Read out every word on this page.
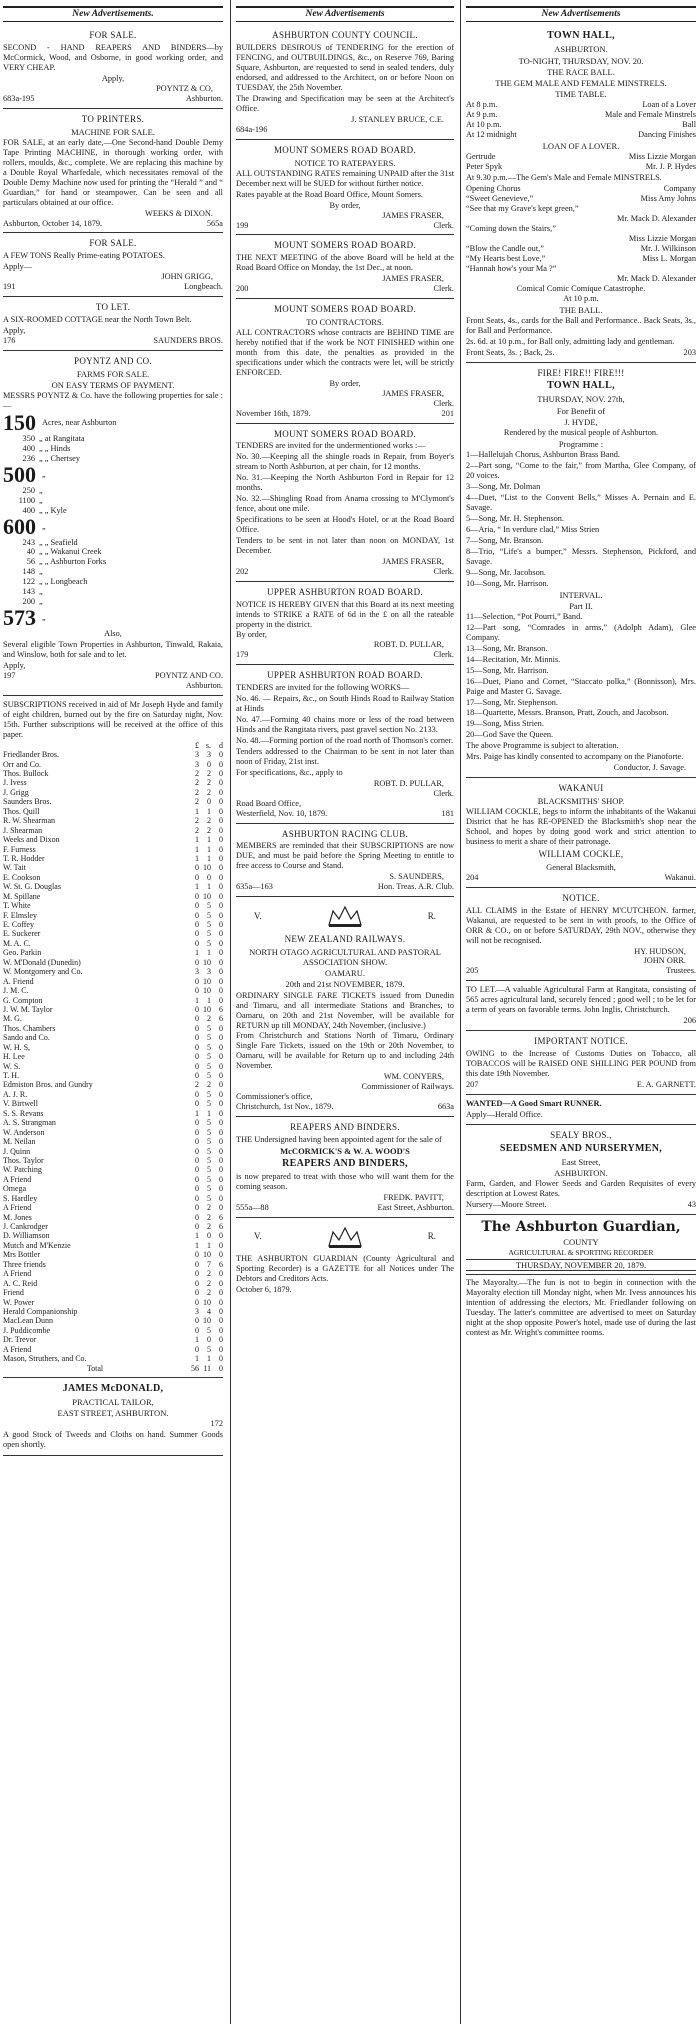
New Advertisements.
FOR SALE.
SECOND - HAND REAPERS AND BINDERS—by McCormick, Wood, and Osborne, in good working order, and VERY CHEAP.
Apply,
POYNTZ & CO,
683a-195	Ashburton.
TO PRINTERS.
MACHINE FOR SALE.
FOR SALE, at an early date,—One Second-hand Double Demy Tape Printing MACHINE, in thorough working order, with rollers, moulds, &c., complete. We are replacing this machine by a Double Royal Wharfedale, which necessitates removal of the Double Demy Machine now used for printing the “Herald ” and “ Guardian,” for hand or steampower. Can be seen and all particulars obtained at our office.
WEEKS & DIXON.
Ashburton, October 14, 1879.	565a
FOR SALE.
A FEW TONS Really Prime-eating POTATOES.
Apply—
JOHN GRIGG,
191	Longbeach.
TO LET.
A SIX-ROOMED COTTAGE near the North Town Belt.
Apply,
176	SAUNDERS BROS.
POYNTZ AND CO.
FARMS FOR SALE.
ON EASY TERMS OF PAYMENT.
MESSRS POYNTZ & Co. have the following properties for sale :—
150 Acres, near Ashburton
350 „ at Rangitata
400 „ „ Hinds
236 „ „ Chertsey
500 „
250 „
1100 „
400 „ „ Kyle
600 „
243 „ „ Seafield
40 „ „ Wakanui Creek
56 „ „ Ashburton Forks
148 „
122 „ „ Longbeach
143 „
200 „
573 „
Also,
Several eligible Town Properties in Ashburton, Tinwald, Rakaia, and Winslow, both for sale and to let.
Apply,
197	POYNTZ AND CO.
Ashburton.
SUBSCRIPTIONS received in aid of Mr Joseph Hyde and family of eight children, burned out by the fire on Saturday night, Nov. 15th. Further subscriptions will be received at the office of this paper.
	£	s.	d
Friedlander Bros.	3	3	0
Orr and Co.	3	0	0
Thos. Bullock	2	2	0
J. Ivess	2	2	0
J. Grigg	2	2	0
Saunders Bros.	2	0	0
Thos. Quill	1	1	0
R. W. Shearman	2	2	0
J. Shearman	2	2	0
Weeks and Dixon	1	1	0
F. Furness	1	1	0
T. R. Hodder	1	1	0
W. Tait	0	10	0
E. Cookson	0	0	0
W. St. G. Douglas	1	1	0
M. Spillane	0	10	0
T. White	0	5	0
F. Elmsley	0	5	0
E. Coffey	0	5	0
E. Suckerer	0	5	0
M. A. C.	0	5	0
Geo. Parkin	1	1	0
W. M'Donald (Dunedin)	0	10	0
W. Montgomery and Co.	3	3	0
A. Friend	0	10	0
J. M. C.	0	10	0
G. Compton	1	1	0
J. W. M. Taylor	0	10	6
M. G.	0	2	6
Thos. Chambers	0	5	0
Sando and Co.	0	5	0
W. H. S,	0	5	0
H. Lee	0	5	0
W. S.	0	5	0
T. H.	0	5	0
Edmiston Bros. and Gundry	2	2	0
A. J. R.	0	5	0
V. Birtwell	0	5	0
S. S. Revans	1	1	0
A. S. Strangman	0	5	0
W. Anderson	0	5	0
M. Neilan	0	5	0
J. Quinn	0	5	0
Thos. Taylor	0	5	0
W. Patching	0	5	0
A Friend	0	5	0
Omega	0	5	0
S. Hardley	0	5	0
A Friend	0	2	0
M. Jones	0	2	6
J. Cankrodger	0	2	6
D. Williamson	1	0	0
Mutch and M'Kenzie	1	1	0
Mrs Bottler	0	10	0
Three friends	0	7	6
A Friend	0	2	0
A. C. Reid	0	2	0
Friend	0	2	0
W. Power	0	10	0
Herald Companionship	3	4	0
MacLean Dunn	0	10	0
J. Puddicombe	0	5	0
Dr. Trevor	1	0	0
A Friend	0	5	0
Mason, Struthers, and Co.	1	1	0
Total	56	11	0
JAMES McDONALD,
PRACTICAL TAILOR,
EAST STREET, ASHBURTON.
172
A good Stock of Tweeds and Cloths on hand. Summer Goods open shortly.
New Advertisements
ASHBURTON COUNTY COUNCIL.
BUILDERS DESIROUS of TENDERING for the erection of FENCING, and OUTBUILDINGS, &c., on Reserve 769, Baring Square, Ashburton, are requested to send in sealed tenders, duly endorsed, and addressed to the Architect, on or before Noon on TUESDAY, the 25th November.
The Drawing and Specification may be seen at the Architect's Office.
J. STANLEY BRUCE, C.E.
684a-196
MOUNT SOMERS ROAD BOARD.
NOTICE TO RATEPAYERS.
ALL OUTSTANDING RATES remaining UNPAID after the 31st December next will be SUED for without further notice.
Rates payable at the Road Board Office, Mount Somers.
By order,
JAMES FRASER,
199	Clerk.
MOUNT SOMERS ROAD BOARD.
THE NEXT MEETING of the above Board will be held at the Road Board Office on Monday, the 1st Dec., at noon.
JAMES FRASER,
200	Clerk.
MOUNT SOMERS ROAD BOARD.
TO CONTRACTORS.
ALL CONTRACTORS whose contracts are BEHIND TIME are hereby notified that if the work be NOT FINISHED within one month from this date, the penalties as provided in the specifications under which the contracts were let, will be strictly ENFORCED.
By order,
JAMES FRASER,
Clerk.
November 16th, 1879.	201
MOUNT SOMERS ROAD BOARD.
TENDERS are invited for the undermentioned works :—
No. 30.—Keeping all the shingle roads in Repair, from Boyer's stream to North Ashburton, at per chain, for 12 months.
No. 31.—Keeping the North Ashburton Ford in Repair for 12 months.
No. 32.—Shingling Road from Anama crossing to M'Clymont's fence, about one mile.
Specifications to be seen at Hood's Hotel, or at the Road Board Office.
Tenders to be sent in not later than noon on MONDAY, 1st December.
JAMES FRASER,
202	Clerk.
UPPER ASHBURTON ROAD BOARD.
NOTICE IS HEREBY GIVEN that this Board at its next meeting intends to STRIKE a RATE of 6d in the £ on all the rateable property in the district.
By order,
ROBT. D. PULLAR,
179	Clerk.
UPPER ASHBURTON ROAD BOARD.
TENDERS are invited for the following WORKS—
No. 46. — Repairs, &c., on South Hinds Road to Railway Station at Hinds
No. 47.—Forming 40 chains more or less of the road between Hinds and the Rangitata rivers, past gravel section No. 2133.
No. 48.—Forming portion of the road north of Thomson's corner.
Tenders addressed to the Chairman to be sent in not later than noon of Friday, 21st inst.
For specifications, &c., apply to
ROBT. D. PULLAR,
Clerk.
Road Board Office,
Westerfield, Nov. 10, 1879.	181
ASHBURTON RACING CLUB.
MEMBERS are reminded that their SUBSCRIPTIONS are now DUE, and must be paid before the Spring Meeting to entitle to free access to Course and Stand.
S. SAUNDERS,
635a—163	Hon. Treas. A.R. Club.
V.	R.
NEW ZEALAND RAILWAYS.
NORTH OTAGO AGRICULTURAL AND PASTORAL ASSOCIATION SHOW.
OAMARU.
20th and 21st NOVEMBER, 1879.
ORDINARY SINGLE FARE TICKETS issued from Dunedin and Timaru, and all intermediate Stations and Branches, to Oamaru, on 20th and 21st November, will be available for RETURN up till MONDAY, 24th November, (inclusive.)
From Christchurch and Stations North of Timaru, Ordinary Single Fare Tickets, issued on the 19th or 20th November, to Oamaru, will be available for Return up to and including 24th November.
WM. CONYERS,
Commissioner of Railways.
Commissioner's office,
Christchurch, 1st Nov., 1879.	663a
REAPERS AND BINDERS.
THE Undersigned having been appointed agent for the sale of
McCORMICK'S & W. A. WOOD'S
REAPERS AND BINDERS,
is now prepared to treat with those who will want them for the coming season.
FREDK. PAVITT,
555a—88	East Street, Ashburton.
V.	R.
THE ASHBURTON GUARDIAN (County Agricultural and Sporting Recorder) is a GAZETTE for all Notices under The Debtors and Creditors Acts.
October 6, 1879.
New Advertisements
TOWN HALL,
ASHBURTON.
TO-NIGHT, THURSDAY, NOV. 20.
THE RACE BALL.
THE GEM MALE AND FEMALE MINSTRELS.
TIME TABLE.
At 8 p.m.	Loan of a Lover
At 9 p.m.	Male and Female Minstrels
At 10 p.m.	Ball
At 12 midnight	Dancing Finishes
LOAN OF A LOVER.
Gertrude	Miss Lizzie Morgan
Peter Spyk	Mr. J. P. Hydes
At 9.30 p.m.—The Gem's Male and Female MINSTRELS.
Opening Chorus	Company
“Sweet Genevieve,”	Miss Amy Johns
“See that my Grave's kept green,”
Mr. Mack D. Alexander
“Coming down the Stairs,”
Miss Lizzie Morgan
“Blow the Candle out,”	Mr. J. Wilkinson
“My Hearts best Love,”	Miss L. Morgan
“Hannah how's your Ma ?”
Mr. Mack D. Alexander
Comical Comic Comique Catastrophe.
At 10 p.m.
THE BALL.
Front Seats, 4s., cards for the Ball and Performance.. Back Seats, 3s., for Ball and Performance.
2s. 6d. at 10 p.m., for Ball only, admitting lady and gentleman.
Front Seats, 3s. ; Back, 2s.	203
FIRE! FIRE!! FIRE!!!
TOWN HALL,
THURSDAY, NOV. 27th,
For Benefit of
J. HYDE,
Rendered by the musical people of Ashburton.
Programme :
1—Hallelujah Chorus, Ashburton Brass Band.
2—Part song, “Come to the fair,” from Martha, Glee Company, of 20 voices.
3—Song, Mr. Dolman
4—Duet, “List to the Convent Bells,” Misses A. Pernain and E. Savage.
5—Song, Mr. H. Stephenson.
6—Aria, “ In verdure clad,” Miss Strien
7—Song, Mr. Branson.
8—Trio, “Life's a bumper,” Messrs. Stephenson, Pickford, and Savage.
9—Song, Mr. Jacobson.
10—Song, Mr. Harrison.
INTERVAL.
Part II.
11—Selection, “Pot Pourri,” Band.
12—Part song, “Comrades in arms,” (Adolph Adam), Glee Company.
13—Song, Mr. Branson.
14—Recitation, Mr. Minnis.
15—Song, Mr. Harrison.
16—Duet, Piano and Cornet, “Staccato polka,” (Bonnisson), Mrs. Paige and Master G. Savage.
17—Song, Mr. Stephenson.
18—Quartette, Messrs. Branson, Pratt, Zouch, and Jacobson.
19—Song, Miss Strien.
20—God Save the Queen.
The above Programme is subject to alteration.
Mrs. Paige has kindly consented to accompany on the Pianoforte.
Conductor, J. Savage.
WAKANUI
BLACKSMITHS' SHOP.
WILLIAM COCKLE, begs to inform the inhabitants of the Wakanui District that he has RE-OPENED the Blacksmith's shop near the School, and hopes by doing good work and strict attention to business to merit a share of their patronage.
WILLIAM COCKLE,
General Blacksmith,
204	Wakanui.
NOTICE.
ALL CLAIMS in the Estate of HENRY M'CUTCHEON. farmer, Wakanui, are requested to be sent in with proofs, to the Office of ORR & CO., on or before SATURDAY, 29th NOV., otherwise they will not be recognised.
HY. HUDSON,
JOHN ORR.
205	Trustees.
TO LET.—A valuable Agricultural Farm at Rangitata, consisting of 565 acres agricultural land, securely fenced ; good well ; to be let for a term of years on favorable terms. John Inglis, Christchurch.
206
IMPORTANT NOTICE.
OWING to the Increase of Customs Duties on Tobacco, all TOBACCOS will be RAISED ONE SHILLING PER POUND from this date 19th November.
207	E. A. GARNETT.
WANTED—A Good Smart RUNNER.
Apply—Herald Office.
SEALY BROS.,
SEEDSMEN AND NURSERYMEN,
East Street,
ASHBURTON.
Farm, Garden, and Flower Seeds and Garden Requisites of every description at Lowest Rates.
Nursery—Moore Street.	43
The Ashburton Guardian,
COUNTY
AGRICULTURAL & SPORTING RECORDER
THURSDAY, NOVEMBER 20, 1879.
The Mayoralty.—The fun is not to begin in connection with the Mayoralty election till Monday night, when Mr. Ivess announces his intention of addressing the electors, Mr. Friedlander following on Tuesday. The latter's committee are advertised to meet on Saturday night at the shop opposite Power's hotel, made use of during the last contest as Mr. Wright's committee rooms.
